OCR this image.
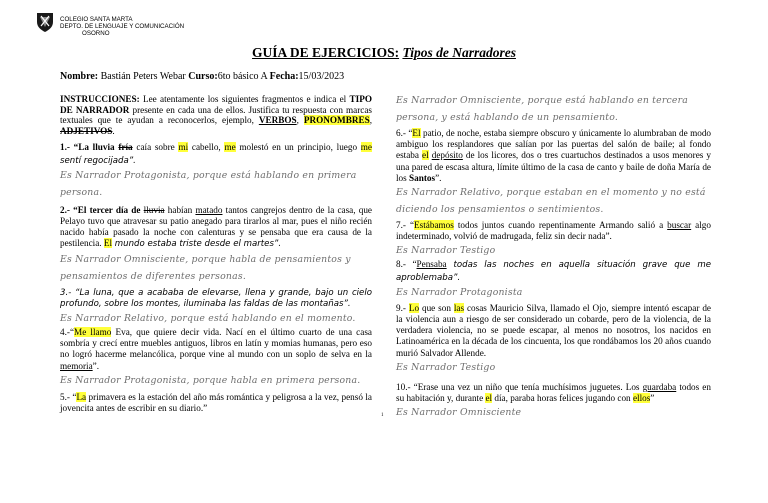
COLEGIO SANTA MARTA
DEPTO. DE LENGUAJE Y COMUNICACIÓN
OSORNO
GUÍA DE EJERCICIOS: Tipos de Narradores
Nombre: Bastián Peters Webar Curso:6to básico A Fecha:15/03/2023

INSTRUCCIONES: Lee atentamente los siguientes fragmentos e indica el TIPO DE NARRADOR presente en cada una de ellos. Justifica tu respuesta con marcas textuales que te ayudan a reconocerlos, ejemplo, VERBOS, PRONOMBRES, ADJETIVOS.

1.- “La lluvia fría caía sobre mi cabello, me molestó en un principio, luego me sentí regocijada”.

Es Narrador Protagonista, porque está hablando en primera persona.

2.- “El tercer día de lluvia habían matado tantos cangrejos dentro de la casa, que Pelayo tuvo que atravesar su patio anegado para tirarlos al mar, pues el niño recién nacido había pasado la noche con calenturas y se pensaba que era causa de la pestilencia. El mundo estaba triste desde el martes”.

Es Narrador Omnisciente, porque habla de pensamientos y pensamientos de diferentes personas.

3.- “La luna, que a acababa de elevarse, llena y grande, bajo un cielo profundo, sobre los montes, iluminaba las faldas de las montañas”.

Es Narrador Relativo, porque está hablando en el momento.

4.-“Me llamo Eva, que quiere decir vida. Nací en el último cuarto de una casa sombría y crecí entre muebles antiguos, libros en latín y momias humanas, pero eso no logró hacerme melancólica, porque vine al mundo con un soplo de selva en la memoria”.

Es Narrador Protagonista, porque habla en primera persona.

5.- “La primavera es la estación del año más romántica y peligrosa a la vez, pensó la jovencita antes de escribir en su diario.”

Es Narrador Omnisciente, porque está hablando en tercera persona, y está hablando de un pensamiento.

6.- “El patio, de noche, estaba siempre obscuro y únicamente lo alumbraban de modo ambiguo los resplandores que salían por las puertas del salón de baile; al fondo estaba el depósito de los licores, dos o tres cuartuchos destinados a usos menores y una pared de escasa altura, límite último de la casa de canto y baile de doña María de los Santos”.

Es Narrador Relativo, porque estaban en el momento y no está diciendo los pensamientos o sentimientos.

7.- “Estábamos todos juntos cuando repentinamente Armando salió a buscar algo indeterminado, volvió de madrugada, feliz sin decir nada”.

Es Narrador Testigo

8.- “Pensaba todas las noches en aquella situación grave que me aproblemaba”.

Es Narrador Protagonista

9.- Lo que son las cosas Mauricio Silva, llamado el Ojo, siempre intentó escapar de la violencia aun a riesgo de ser considerado un cobarde, pero de la violencia, de la verdadera violencia, no se puede escapar, al menos no nosotros, los nacidos en Latinoamérica en la década de los cincuenta, los que rondábamos los 20 años cuando murió Salvador Allende.

Es Narrador Testigo

10.- “Erase una vez un niño que tenía muchísimos juguetes. Los guardaba todos en su habitación y, durante el día, paraba horas felices jugando con ellos”

Es Narrador Omnisciente

1
